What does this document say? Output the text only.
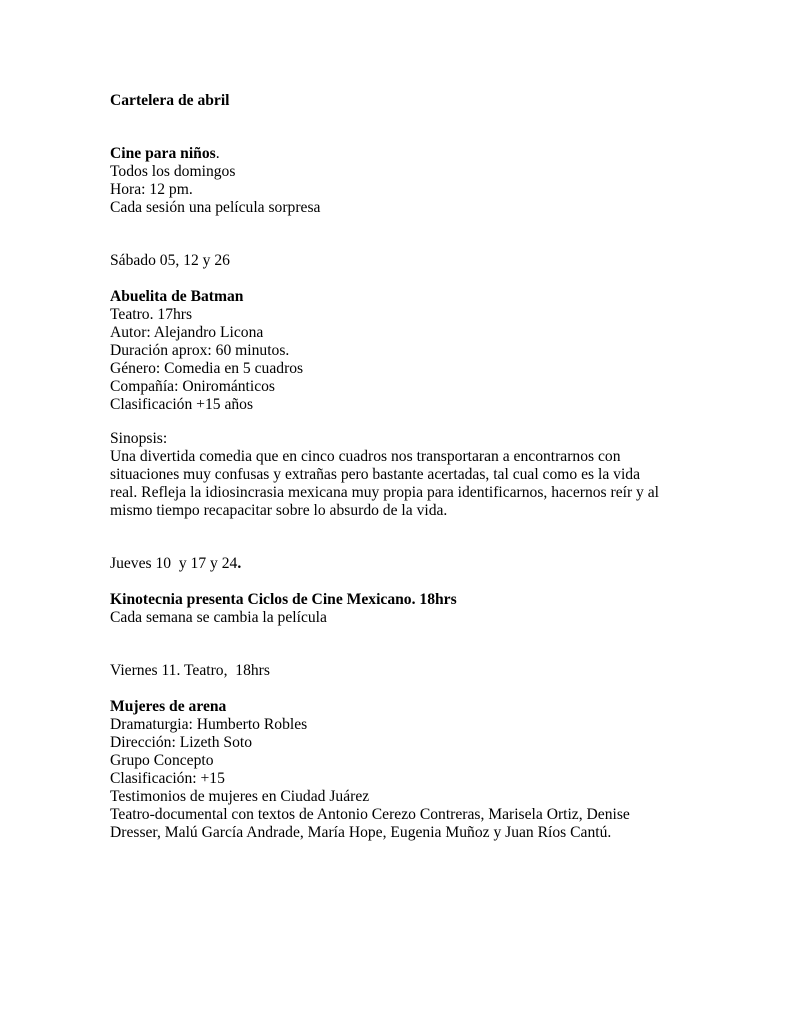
Cartelera de abril
Cine para niños.
Todos los domingos
Hora: 12 pm.
Cada sesión una película sorpresa
Sábado 05, 12 y 26
Abuelita de Batman
Teatro. 17hrs
Autor: Alejandro Licona
Duración aprox: 60 minutos.
Género: Comedia en 5 cuadros
Compañía: Onirománticos
Clasificación +15 años
Sinopsis:
Una divertida comedia que en cinco cuadros nos transportaran a encontrarnos con
situaciones muy confusas y extrañas pero bastante acertadas, tal cual como es la vida
real. Refleja la idiosincrasia mexicana muy propia para identificarnos, hacernos reír y al
mismo tiempo recapacitar sobre lo absurdo de la vida.
Jueves 10  y 17 y 24.
Kinotecnia presenta Ciclos de Cine Mexicano. 18hrs
Cada semana se cambia la película
Viernes 11. Teatro,  18hrs
Mujeres de arena
Dramaturgia: Humberto Robles
Dirección: Lizeth Soto
Grupo Concepto
Clasificación: +15
Testimonios de mujeres en Ciudad Juárez
Teatro-documental con textos de Antonio Cerezo Contreras, Marisela Ortiz, Denise
Dresser, Malú García Andrade, María Hope, Eugenia Muñoz y Juan Ríos Cantú.
